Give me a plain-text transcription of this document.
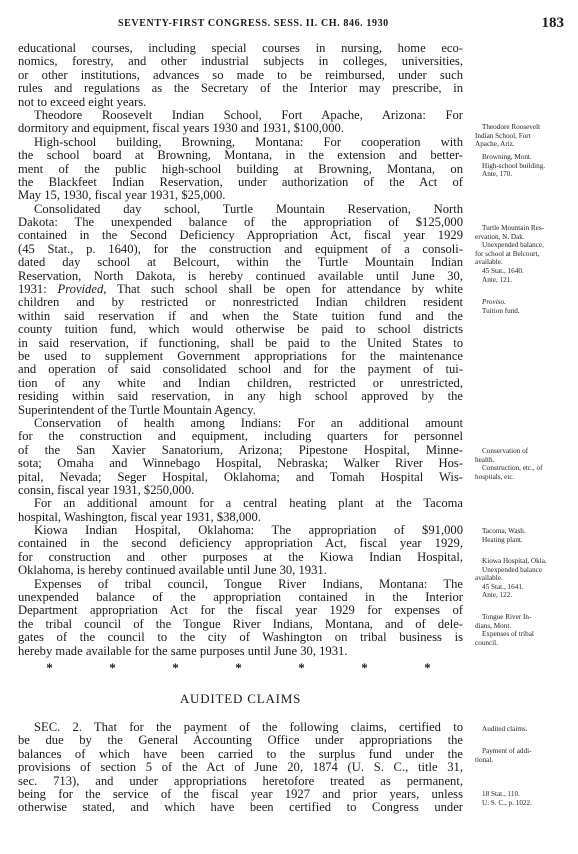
SEVENTY-FIRST CONGRESS. SESS. II. CH. 846. 1930	183
educational courses, including special courses in nursing, home eco-
nomics, forestry, and other industrial subjects in colleges, universities,
or other institutions, advances so made to be reimbursed, under such
rules and regulations as the Secretary of the Interior may prescribe, in
not to exceed eight years.
Theodore Roosevelt Indian School, Fort Apache, Arizona: For
dormitory and equipment, fiscal years 1930 and 1931, $100,000.
High-school building, Browning, Montana: For cooperation with
the school board at Browning, Montana, in the extension and better-
ment of the public high-school building at Browning, Montana, on
the Blackfeet Indian Reservation, under authorization of the Act of
May 15, 1930, fiscal year 1931, $25,000.
Consolidated day school, Turtle Mountain Reservation, North
Dakota: The unexpended balance of the appropriation of $125,000
contained in the Second Deficiency Appropriation Act, fiscal year 1929
(45 Stat., p. 1640), for the construction and equipment of a consoli-
dated day school at Belcourt, within the Turtle Mountain Indian
Reservation, North Dakota, is hereby continued available until June 30,
1931: Provided, That such school shall be open for attendance by white
children and by restricted or nonrestricted Indian children resident
within said reservation if and when the State tuition fund and the
county tuition fund, which would otherwise be paid to school districts
in said reservation, if functioning, shall be paid to the United States to
be used to supplement Government appropriations for the maintenance
and operation of said consolidated school and for the payment of tui-
tion of any white and Indian children, restricted or unrestricted,
residing within said reservation, in any high school approved by the
Superintendent of the Turtle Mountain Agency.
Conservation of health among Indians: For an additional amount
for the construction and equipment, including quarters for personnel
of the San Xavier Sanatorium, Arizona; Pipestone Hospital, Minne-
sota; Omaha and Winnebago Hospital, Nebraska; Walker River Hos-
pital, Nevada; Seger Hospital, Oklahoma; and Tomah Hospital Wis-
consin, fiscal year 1931, $250,000.
For an additional amount for a central heating plant at the Tacoma
hospital, Washington, fiscal year 1931, $38,000.
Kiowa Indian Hospital, Oklahoma: The appropriation of $91,000
contained in the second deficiency appropriation Act, fiscal year 1929,
for construction and other purposes at the Kiowa Indian Hospital,
Oklahoma, is hereby continued available until June 30, 1931.
Expenses of tribal council, Tongue River Indians, Montana: The
unexpended balance of the appropriation contained in the Interior
Department appropriation Act for the fiscal year 1929 for expenses of
the tribal council of the Tongue River Indians, Montana, and of dele-
gates of the council to the city of Washington on tribal business is
hereby made available for the same purposes until June 30, 1931.
*	*	*	*	*	*	*
AUDITED CLAIMS
SEC. 2. That for the payment of the following claims, certified to
be due by the General Accounting Office under appropriations the
balances of which have been carried to the surplus fund under the
provisions of section 5 of the Act of June 20, 1874 (U. S. C., title 31,
sec. 713), and under appropriations heretofore treated as permanent,
being for the service of the fiscal year 1927 and prior years, unless
otherwise stated, and which have been certified to Congress under
Theodore Roosevelt
Indian School, Fort
Apache, Ariz.
Browning, Mont.
High-school building.
Ante, 170.
Turtle Mountain Res-
ervation, N. Dak.
Unexpended balance,
for school at Belcourt,
available.
45 Stat., 1640.
Ante, 121.
Proviso.
Tuition fund.
Conservation of
health.
Construction, etc., of
hospitals, etc.
Tacoma, Wash.
Heating plant.
Kiowa Hospital, Okla.
Unexpended balance
available.
45 Stat., 1641.
Ante, 122.
Tongue River In-
dians, Mont.
Expenses of tribal
council.
Audited claims.
Payment of addi-
tional.
18 Stat., 110.
U. S. C., p. 1022.
